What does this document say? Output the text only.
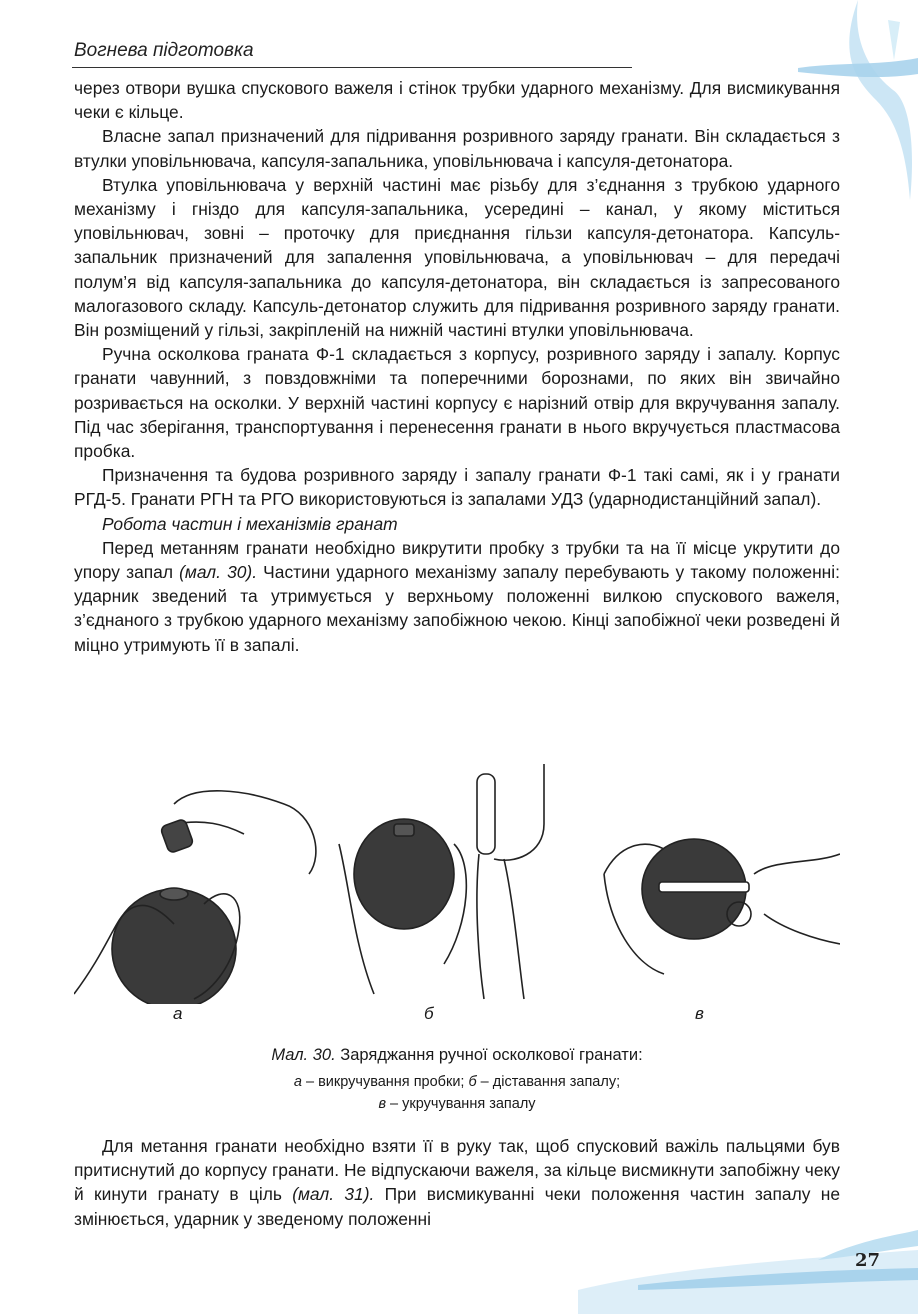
Вогнева підготовка

через отвори вушка спускового важеля і стінок трубки ударного механізму. Для висмикування чеки є кільце.

Власне запал призначений для підривання розривного заряду гранати. Він складається з втулки уповільнювача, капсуля-запальника, уповільнювача і капсуля-детонатора.

Втулка уповільнювача у верхній частині має різьбу для з’єднання з трубкою ударного механізму і гніздо для капсуля-запальника, усередині – канал, у якому міститься уповільнювач, зовні – проточку для приєднання гільзи капсуля-детонатора. Капсуль-запальник призначений для запалення уповільнювача, а уповільнювач – для передачі полум’я від капсуля-запальника до капсуля-детонатора, він складається із запресованого малогазового складу. Капсуль-детонатор служить для підривання розривного заряду гранати. Він розміщений у гільзі, закріпленій на нижній частині втулки уповільнювача.

Ручна осколкова граната Ф-1 складається з корпусу, розривного заряду і запалу. Корпус гранати чавунний, з повздовжніми та поперечними борознами, по яких він звичайно розривається на осколки. У верхній частині корпусу є нарізний отвір для вкручування запалу. Під час зберігання, транспортування і перенесення гранати в нього вкручується пластмасова пробка.

Призначення та будова розривного заряду і запалу гранати Ф-1 такі самі, як і у гранати РГД-5. Гранати РГН та РГО використовуються із запалами УДЗ (ударнодистанційний запал).

Робота частин і механізмів гранат

Перед метанням гранати необхідно викрутити пробку з трубки та на її місце укрутити до упору запал (мал. 30). Частини ударного механізму запалу перебувають у такому положенні: ударник зведений та утримується у верхньому положенні вилкою спускового важеля, з’єднаного з трубкою ударного механізму запобіжною чекою. Кінці запобіжної чеки розведені й міцно утримують її в запалі.

а	б	в
Мал. 30. Заряджання ручної осколкової гранати:
а – викручування пробки; б – діставання запалу;
в – укручування запалу

Для метання гранати необхідно взяти її в руку так, щоб спусковий важіль пальцями був притиснутий до корпусу гранати. Не відпускаючи важеля, за кільце висмикнути запобіжну чеку й кинути гранату в ціль (мал. 31). При висмикуванні чеки положення частин запалу не змінюється, ударник у зведеному положенні

27
